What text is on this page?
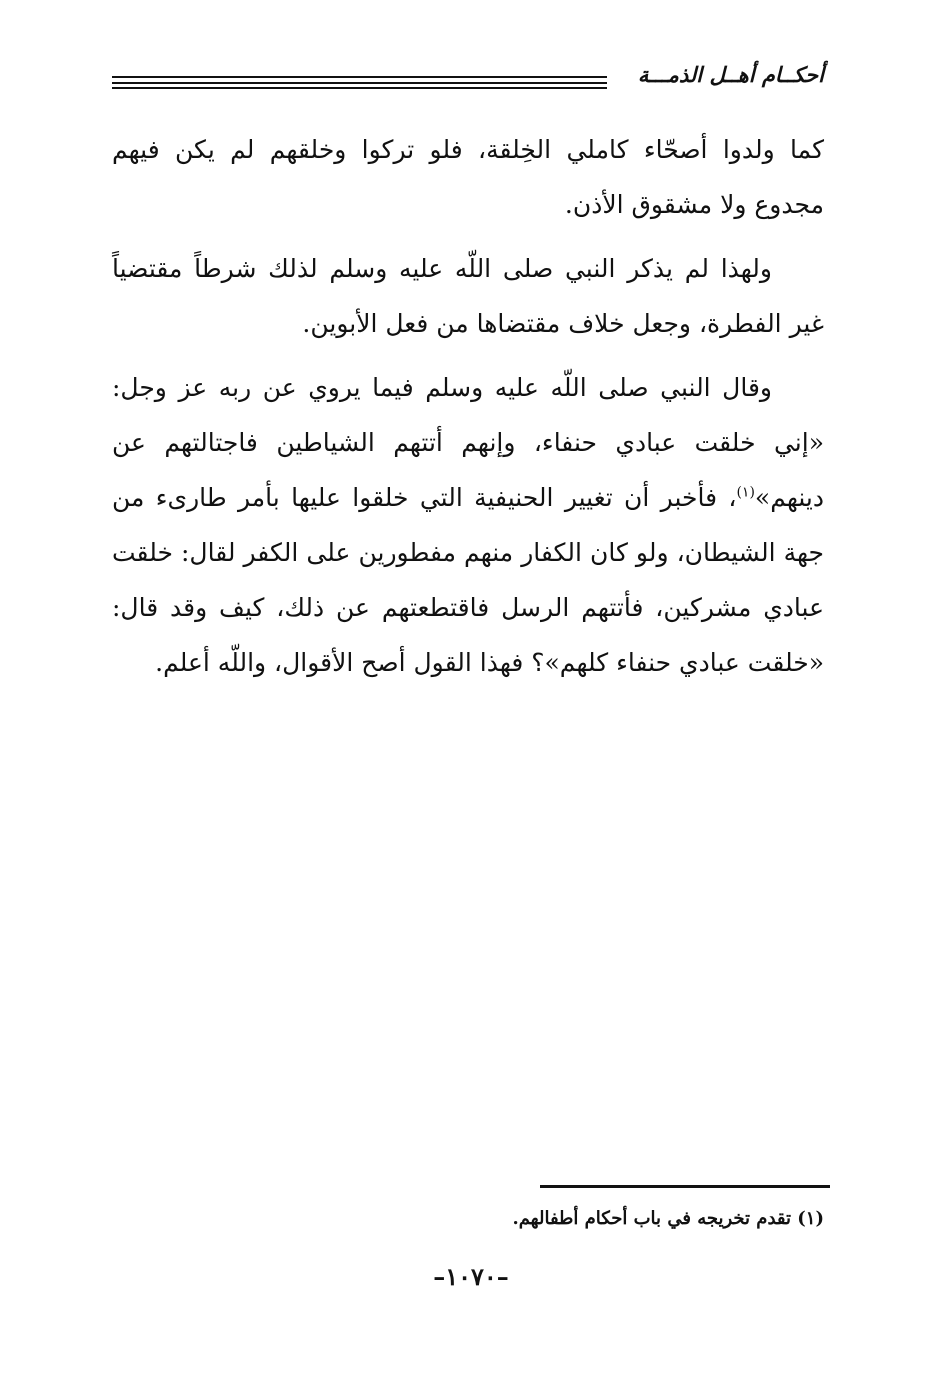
أحكــام أهــل الذمـــة

كما ولدوا أصحّاء كاملي الخِلقة، فلو تركوا وخلقهم لم يكن فيهم مجدوع ولا مشقوق الأذن.

ولهذا لم يذكر النبي صلى اللّه عليه وسلم لذلك شرطاً مقتضياً غير الفطرة، وجعل خلاف مقتضاها من فعل الأبوين.

وقال النبي صلى اللّه عليه وسلم فيما يروي عن ربه عز وجل: «إني خلقت عبادي حنفاء، وإنهم أتتهم الشياطين فاجتالتهم عن دينهم»$^{(١)}$، فأخبر أن تغيير الحنيفية التي خلقوا عليها بأمر طارىء من جهة الشيطان، ولو كان الكفار منهم مفطورين على الكفر لقال: خلقت عبادي مشركين، فأتتهم الرسل فاقتطعتهم عن ذلك، كيف وقد قال: «خلقت عبادي حنفاء كلهم»؟ فهذا القول أصح الأقوال، واللّه أعلم.

(١) تقدم تخريجه في باب أحكام أطفالهم.
–١٠٧٠–
